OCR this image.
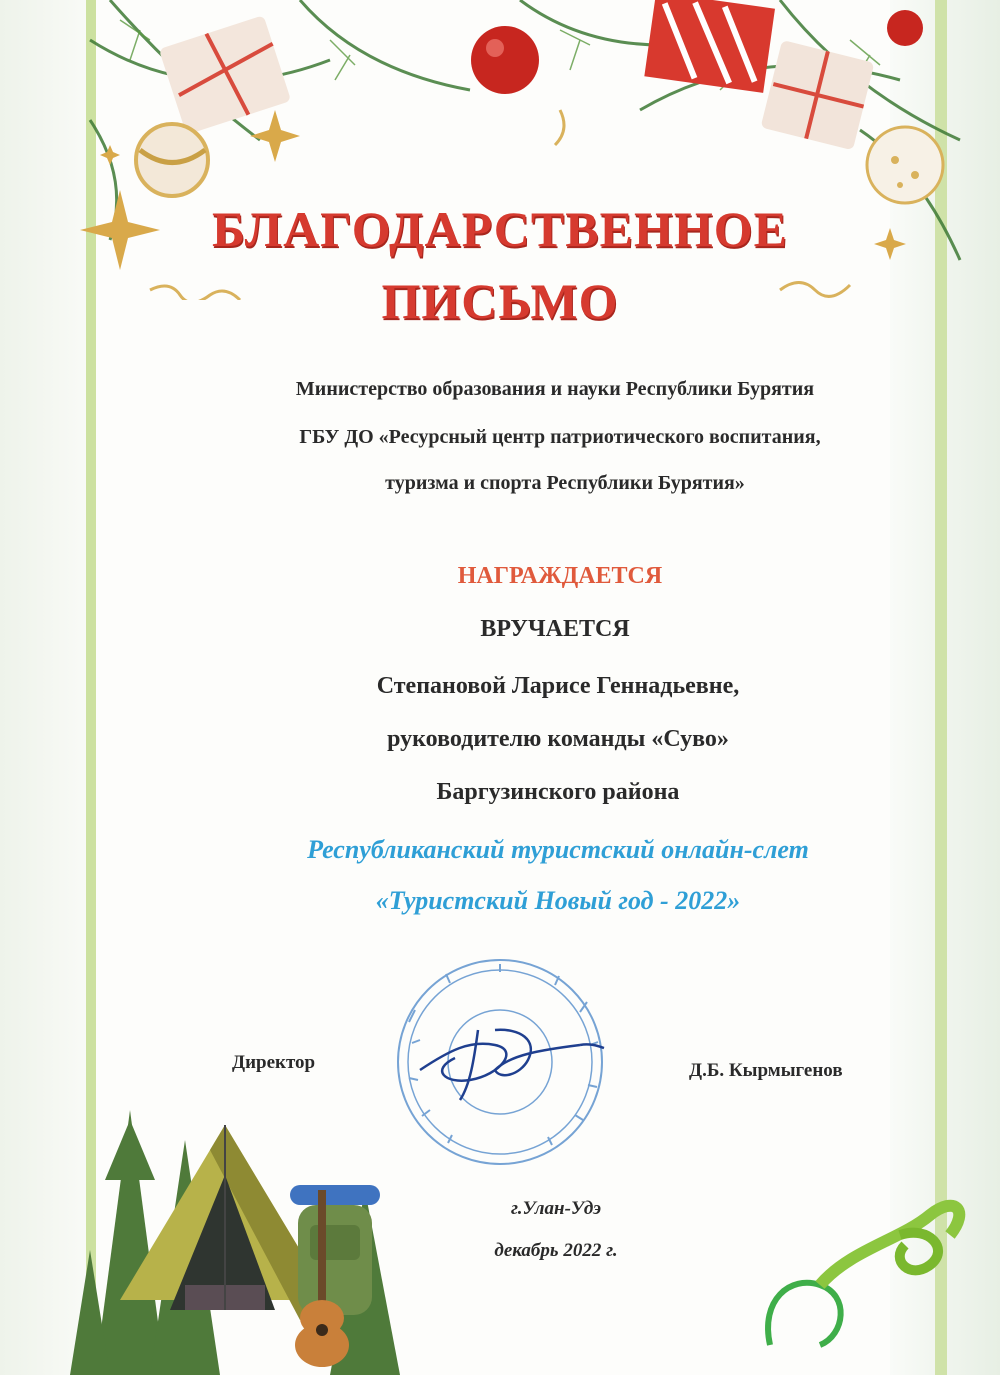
БЛАГОДАРСТВЕННОЕ
ПИСЬМО
Министерство образования и науки Республики Бурятия
ГБУ ДО «Ресурсный центр патриотического воспитания,
туризма и спорта Республики Бурятия»
НАГРАЖДАЕТСЯ
ВРУЧАЕТСЯ
Степановой Ларисе Геннадьевне,
руководителю команды «Суво»
Баргузинского района
Республиканский туристский онлайн-слет
«Туристский Новый год - 2022»
Директор	Д.Б. Кырмыгенов
г.Улан-Удэ
декабрь 2022 г.
